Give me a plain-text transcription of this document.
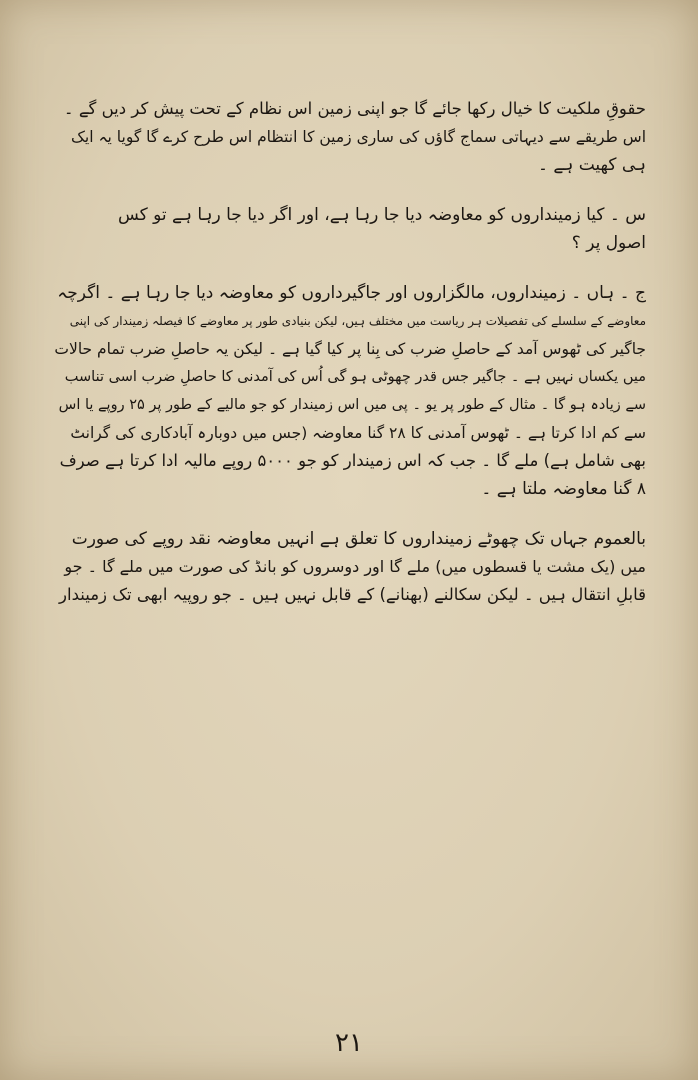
حقوقِ ملکیت کا خیال رکھا جائے گا جو اپنی زمین اس نظام کے تحت پیش کر دیں گے ۔

اس طریقے سے دیہاتی سماج گاؤں کی ساری زمین کا انتظام اس طرح کرے گا گویا یہ ایک

ہی کھیت ہے ۔

س ۔ کیا زمینداروں کو معاوضہ دیا جا رہا ہے، اور اگر دیا جا رہا ہے تو کس

اصول پر ؟

ج ۔ ہاں ۔ زمینداروں، مالگزاروں اور جاگیرداروں کو معاوضہ دیا جا رہا ہے ۔ اگرچہ

معاوضے کے سلسلے کی تفصیلات ہر ریاست میں مختلف ہیں، لیکن بنیادی طور پر معاوضے کا فیصلہ زمیندار کی اپنی

جاگیر کی ٹھوس آمد کے حاصلِ ضرب کی بِنا پر کیا گیا ہے ۔ لیکن یہ حاصلِ ضرب تمام حالات

میں یکساں نہیں ہے ۔ جاگیر جس قدر چھوٹی ہو گی اُس کی آمدنی کا حاصلِ ضرب اسی تناسب

سے زیادہ ہو گا ۔ مثال کے طور پر یو ۔ پی میں اس زمیندار کو جو مالیے کے طور پر ۲۵ روپے یا اس

سے کم ادا کرتا ہے ۔ ٹھوس آمدنی کا ۲۸ گنا معاوضہ (جس میں دوبارہ آبادکاری کی گرانٹ

بھی شامل ہے) ملے گا ۔ جب کہ اس زمیندار کو جو ۵۰۰۰ روپے مالیہ ادا کرتا ہے صرف

۸ گنا معاوضہ ملتا ہے ۔

بالعموم جہاں تک چھوٹے زمینداروں کا تعلق ہے انہیں معاوضہ نقد روپے کی صورت

میں (یک مشت یا قسطوں میں) ملے گا اور دوسروں کو بانڈ کی صورت میں ملے گا ۔ جو

قابلِ انتقال ہیں ۔ لیکن سکالنے (بھنانے) کے قابل نہیں ہیں ۔ جو روپیہ ابھی تک زمیندار

۲۱
